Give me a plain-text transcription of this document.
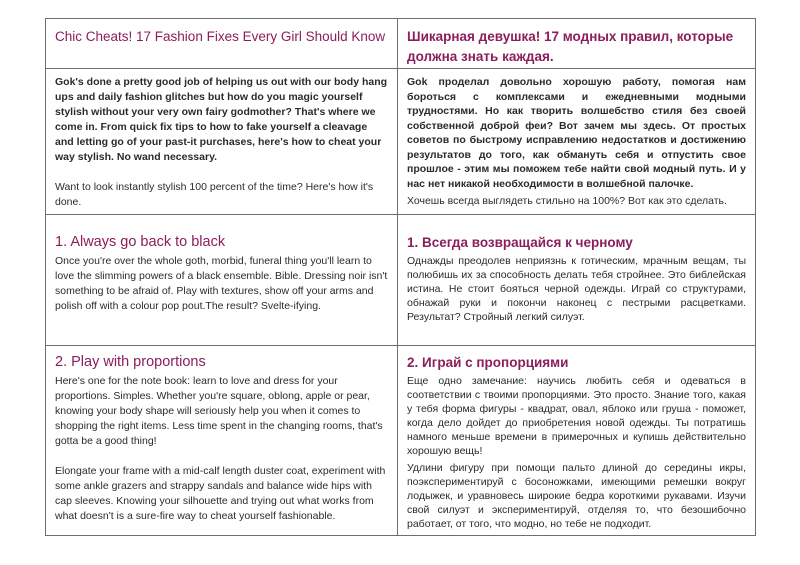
Chic Cheats! 17 Fashion Fixes Every Girl Should Know Шикарная девушка! 17 модных правил, которые должна знать каждая.
Gok's done a pretty good job of helping us out with our body hang ups and daily fashion glitches but how do you magic yourself stylish without your very own fairy godmother? That's where we come in. From quick fix tips to how to fake yourself a cleavage and letting go of your past-it purchases, here's how to cheat your way stylish. No wand necessary.
Want to look instantly stylish 100 percent of the time? Here's how it's done.
Gok проделал довольно хорошую работу, помогая нам бороться с комплексами и ежедневными модными трудностями. Но как творить волшебство стиля без своей собственной доброй феи? Вот зачем мы здесь. От простых советов по быстрому исправлению недостатков и достижению результатов до того, как обмануть себя и отпустить свое прошлое - этим мы поможем тебе найти свой модный путь. И у нас нет никакой необходимости в волшебной палочке.
Хочешь всегда выглядеть стильно на 100%? Вот как это сделать.
1. Always go back to black

Once you're over the whole goth, morbid, funeral thing you'll learn to love the slimming powers of a black ensemble. Bible. Dressing noir isn't something to be afraid of. Play with textures, show off your arms and polish off with a colour pop pout.The result? Svelte-ifying.

1. Всегда возвращайся к черному

Однажды преодолев неприязнь к готическим, мрачным вещам, ты полюбишь их за способность делать тебя стройнее. Это библейская истина. Не стоит бояться черной одежды. Играй со структурами, обнажай руки и покончи наконец с пестрыми расцветками. Результат? Стройный легкий силуэт.

2. Play with proportions

Here's one for the note book: learn to love and dress for your proportions. Simples. Whether you're square, oblong, apple or pear, knowing your body shape will seriously help you when it comes to shopping the right items. Less time spent in the changing rooms, that's gotta be a good thing!

Elongate your frame with a mid-calf length duster coat, experiment with some ankle grazers and strappy sandals and balance wide hips with cap sleeves. Knowing your silhouette and trying out what works from what doesn't is a sure-fire way to cheat yourself fashionable.

2. Играй с пропорциями

Еще одно замечание: научись любить себя и одеваться в соответствии с твоими пропорциями. Это просто. Знание того, какая у тебя форма фигуры - квадрат, овал, яблоко или груша - поможет, когда дело дойдет до приобретения новой одежды. Ты потратишь намного меньше времени в примерочных и купишь действительно хорошую вещь!

Удлини фигуру при помощи пальто длиной до середины икры, поэкспериментируй с босоножками, имеющими ремешки вокруг лодыжек, и уравновесь широкие бедра короткими рукавами. Изучи свой силуэт и экспериментируй, отделяя то, что безошибочно работает, от того, что модно, но тебе не подходит.
